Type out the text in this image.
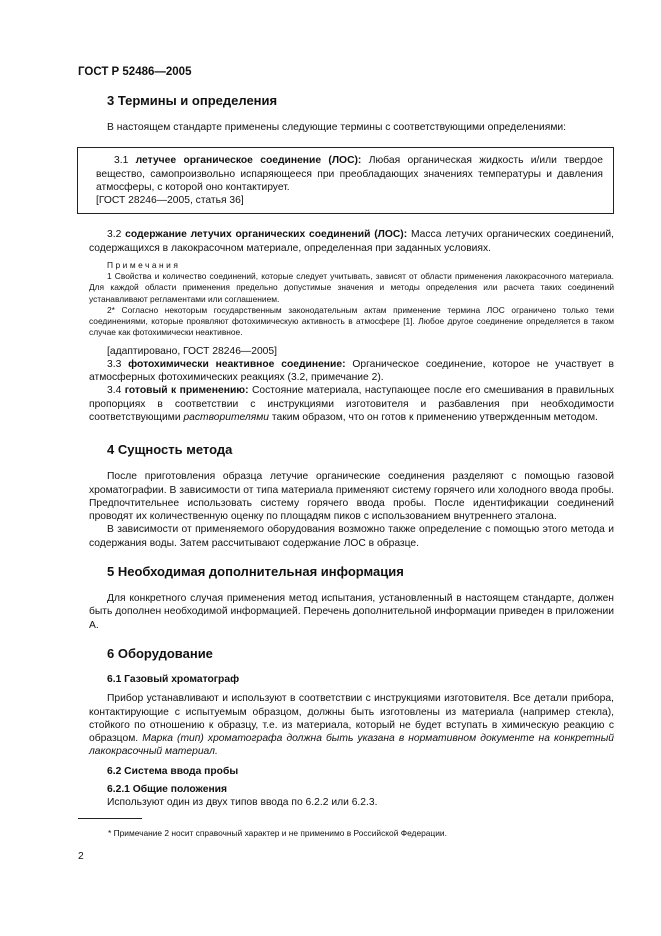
ГОСТ Р 52486—2005
3 Термины и определения

В настоящем стандарте применены следующие термины с соответствующими определениями:

3.1 летучее органическое соединение (ЛОС): Любая органическая жидкость и/или твердое вещество, самопроизвольно испаряющееся при преобладающих значениях температуры и давления атмосферы, с которой оно контактирует.

[ГОСТ 28246—2005, статья 36]

3.2 содержание летучих органических соединений (ЛОС): Масса летучих органических соединений, содержащихся в лакокрасочном материале, определенная при заданных условиях.

Примечания

1 Свойства и количество соединений, которые следует учитывать, зависят от области применения лакокрасочного материала. Для каждой области применения предельно допустимые значения и методы определения или расчета таких соединений устанавливают регламентами или соглашением.

2* Согласно некоторым государственным законодательным актам применение термина ЛОС ограничено только теми соединениями, которые проявляют фотохимическую активность в атмосфере [1]. Любое другое соединение определяется в таком случае как фотохимически неактивное.

[адаптировано, ГОСТ 28246—2005]

3.3 фотохимически неактивное соединение: Органическое соединение, которое не участвует в атмосферных фотохимических реакциях (3.2, примечание 2).

3.4 готовый к применению: Состояние материала, наступающее после его смешивания в правильных пропорциях в соответствии с инструкциями изготовителя и разбавления при необходимости соответствующими растворителями таким образом, что он готов к применению утвержденным методом.

4 Сущность метода

После приготовления образца летучие органические соединения разделяют с помощью газовой хроматографии. В зависимости от типа материала применяют систему горячего или холодного ввода пробы. Предпочтительнее использовать систему горячего ввода пробы. После идентификации соединений проводят их количественную оценку по площадям пиков с использованием внутреннего эталона.

В зависимости от применяемого оборудования возможно также определение с помощью этого метода и содержания воды. Затем рассчитывают содержание ЛОС в образце.

5 Необходимая дополнительная информация

Для конкретного случая применения метод испытания, установленный в настоящем стандарте, должен быть дополнен необходимой информацией. Перечень дополнительной информации приведен в приложении А.

6 Оборудование
6.1 Газовый хроматограф

Прибор устанавливают и используют в соответствии с инструкциями изготовителя. Все детали прибора, контактирующие с испытуемым образцом, должны быть изготовлены из материала (например стекла), стойкого по отношению к образцу, т.е. из материала, который не будет вступать в химическую реакцию с образцом. Марка (тип) хроматографа должна быть указана в нормативном документе на конкретный лакокрасочный материал.

6.2 Система ввода пробы
6.2.1 Общие положения

Используют один из двух типов ввода по 6.2.2 или 6.2.3.

* Примечание 2 носит справочный характер и не применимо в Российской Федерации.
2
